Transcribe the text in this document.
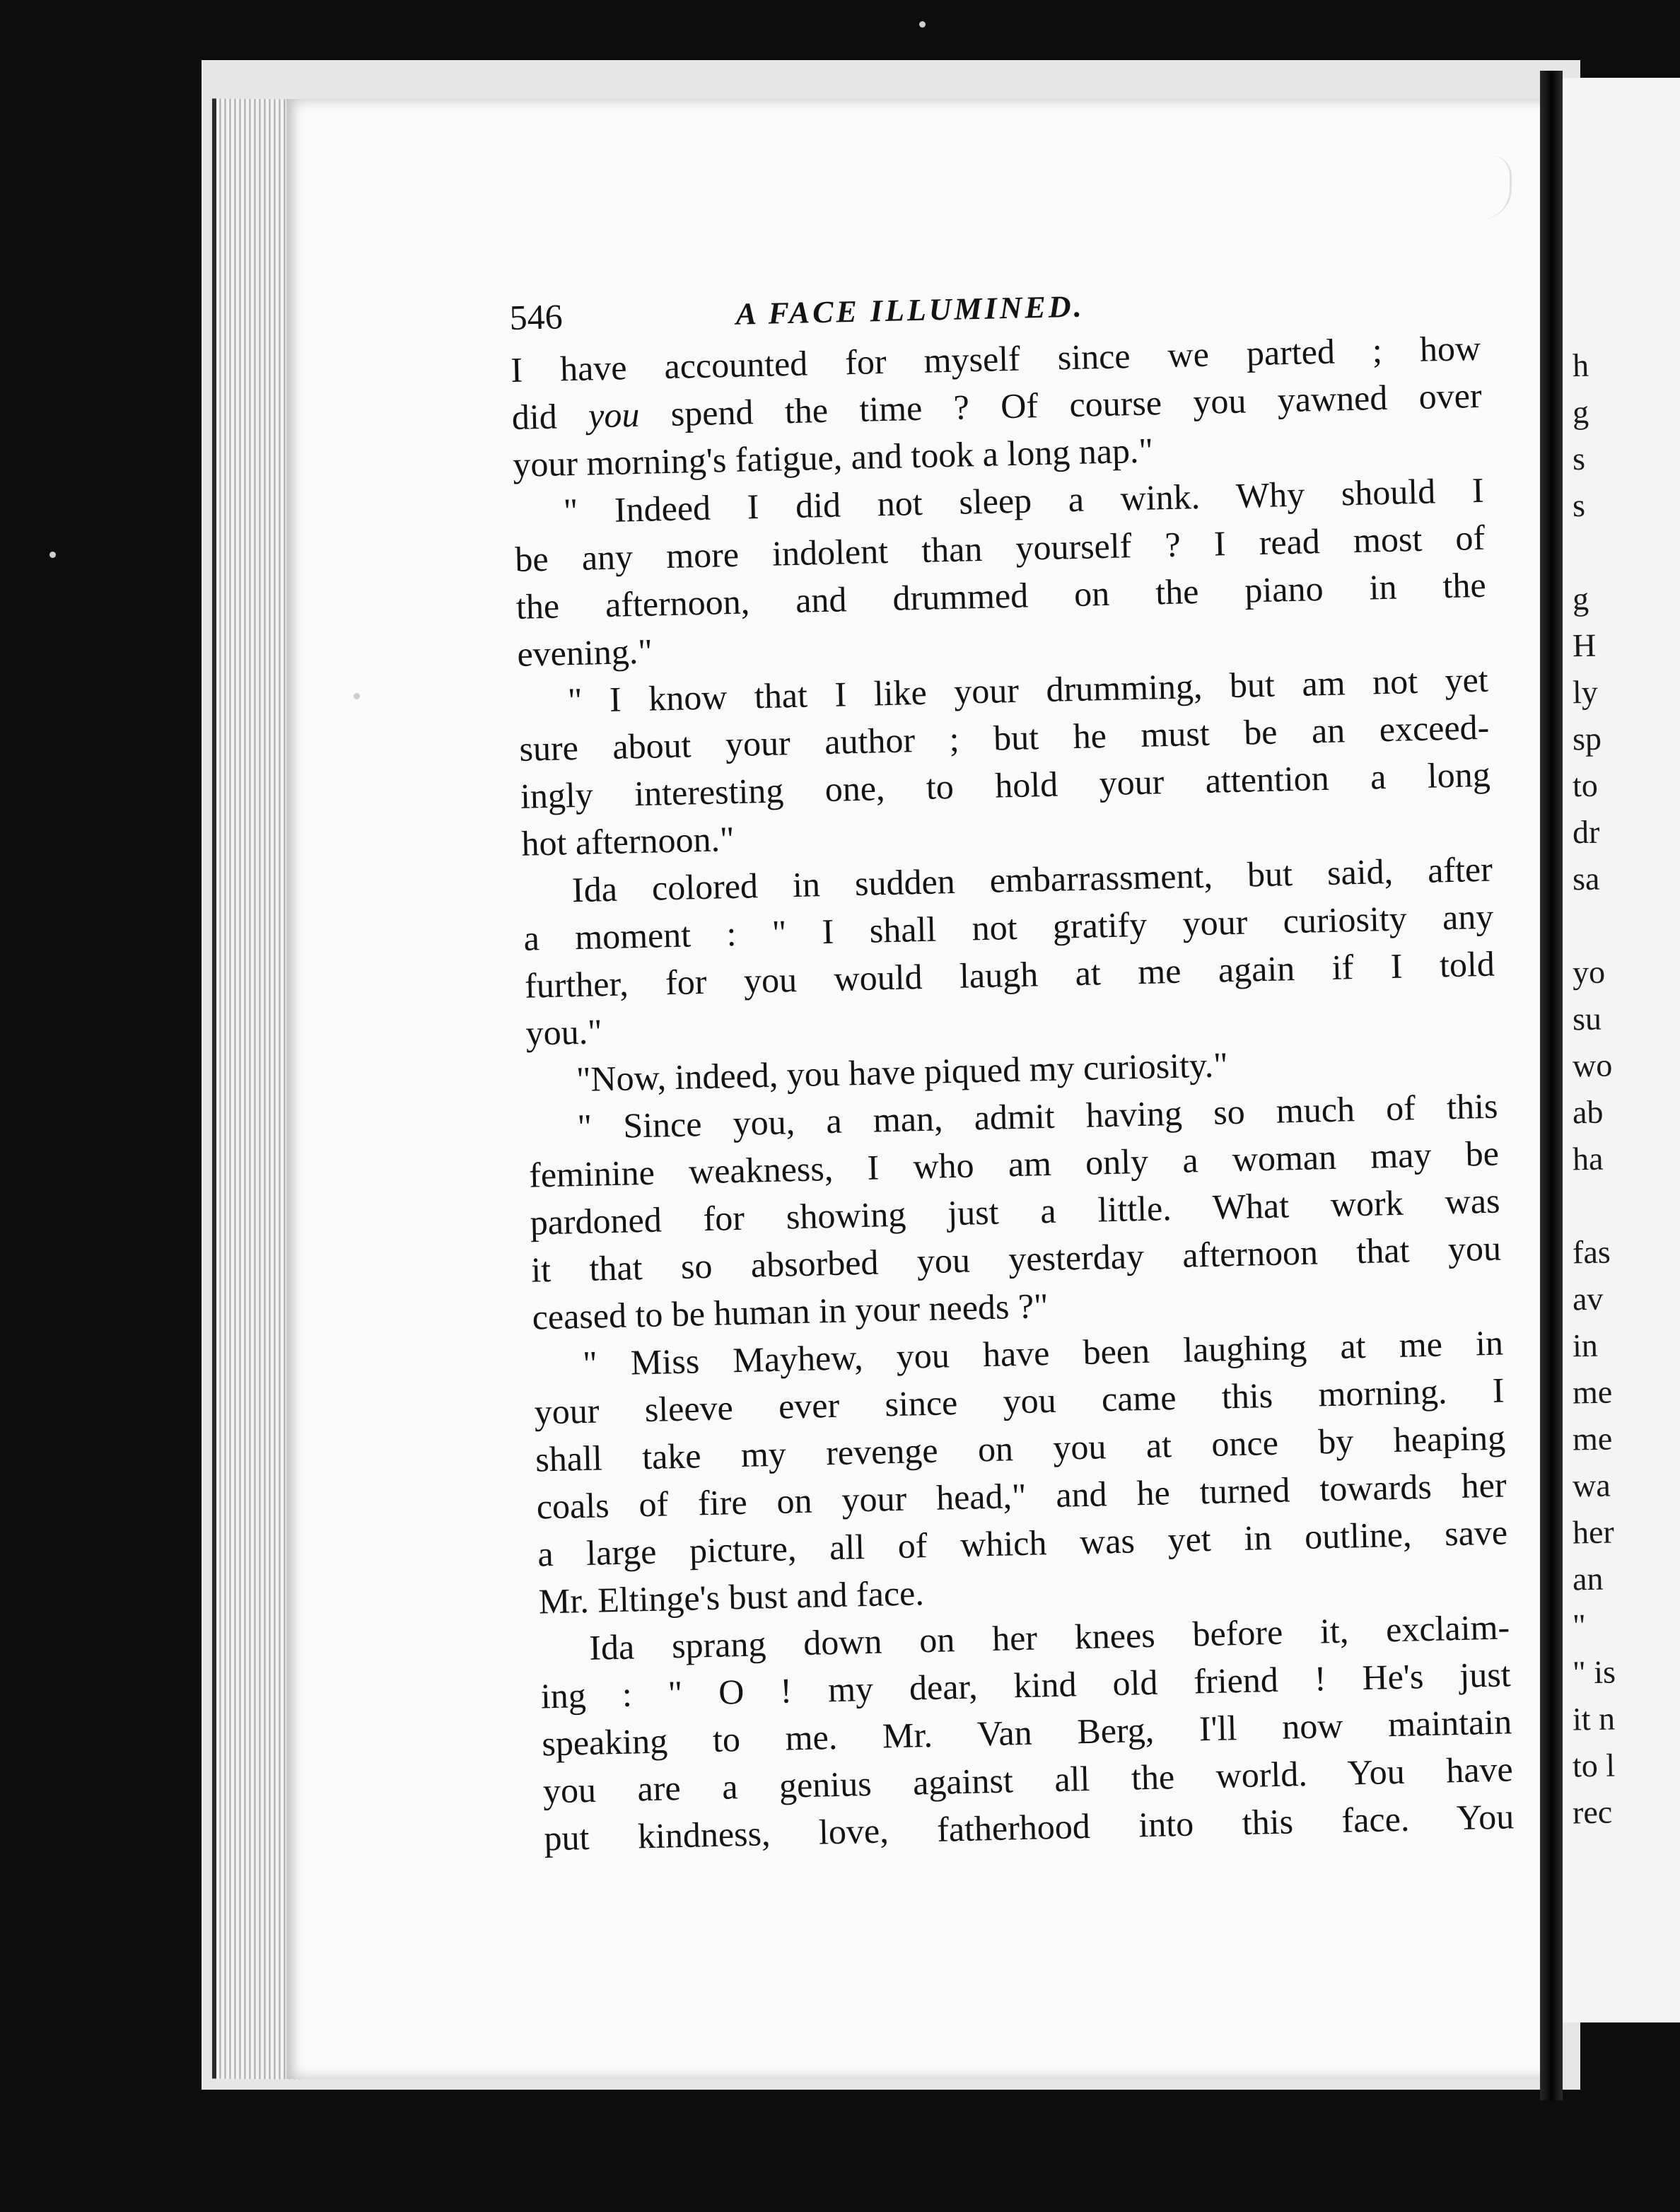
h
g
s
s
g
H
ly
sp
to
dr
sa
yo
su
wo
ab
ha
fas
av
in
me
me
wa
her
an
"
" is
it n
to l
rec
546	A FACE ILLUMINED.
I have accounted for myself since we parted ; how
did you spend the time ? Of course you yawned over
your morning's fatigue, and took a long nap."
" Indeed I did not sleep a wink. Why should I
be any more indolent than yourself ? I read most of
the afternoon, and drummed on the piano in the
evening."
" I know that I like your drumming, but am not yet
sure about your author ; but he must be an exceed-
ingly interesting one, to hold your attention a long
hot afternoon."
Ida colored in sudden embarrassment, but said, after
a moment : " I shall not gratify your curiosity any
further, for you would laugh at me again if I told
you."
"Now, indeed, you have piqued my curiosity."
" Since you, a man, admit having so much of this
feminine weakness, I who am only a woman may be
pardoned for showing just a little. What work was
it that so absorbed you yesterday afternoon that you
ceased to be human in your needs ?"
" Miss Mayhew, you have been laughing at me in
your sleeve ever since you came this morning. I
shall take my revenge on you at once by heaping
coals of fire on your head," and he turned towards her
a large picture, all of which was yet in outline, save
Mr. Eltinge's bust and face.
Ida sprang down on her knees before it, exclaim-
ing : " O ! my dear, kind old friend ! He's just
speaking to me. Mr. Van Berg, I'll now maintain
you are a genius against all the world. You have
put kindness, love, fatherhood into this face. You
